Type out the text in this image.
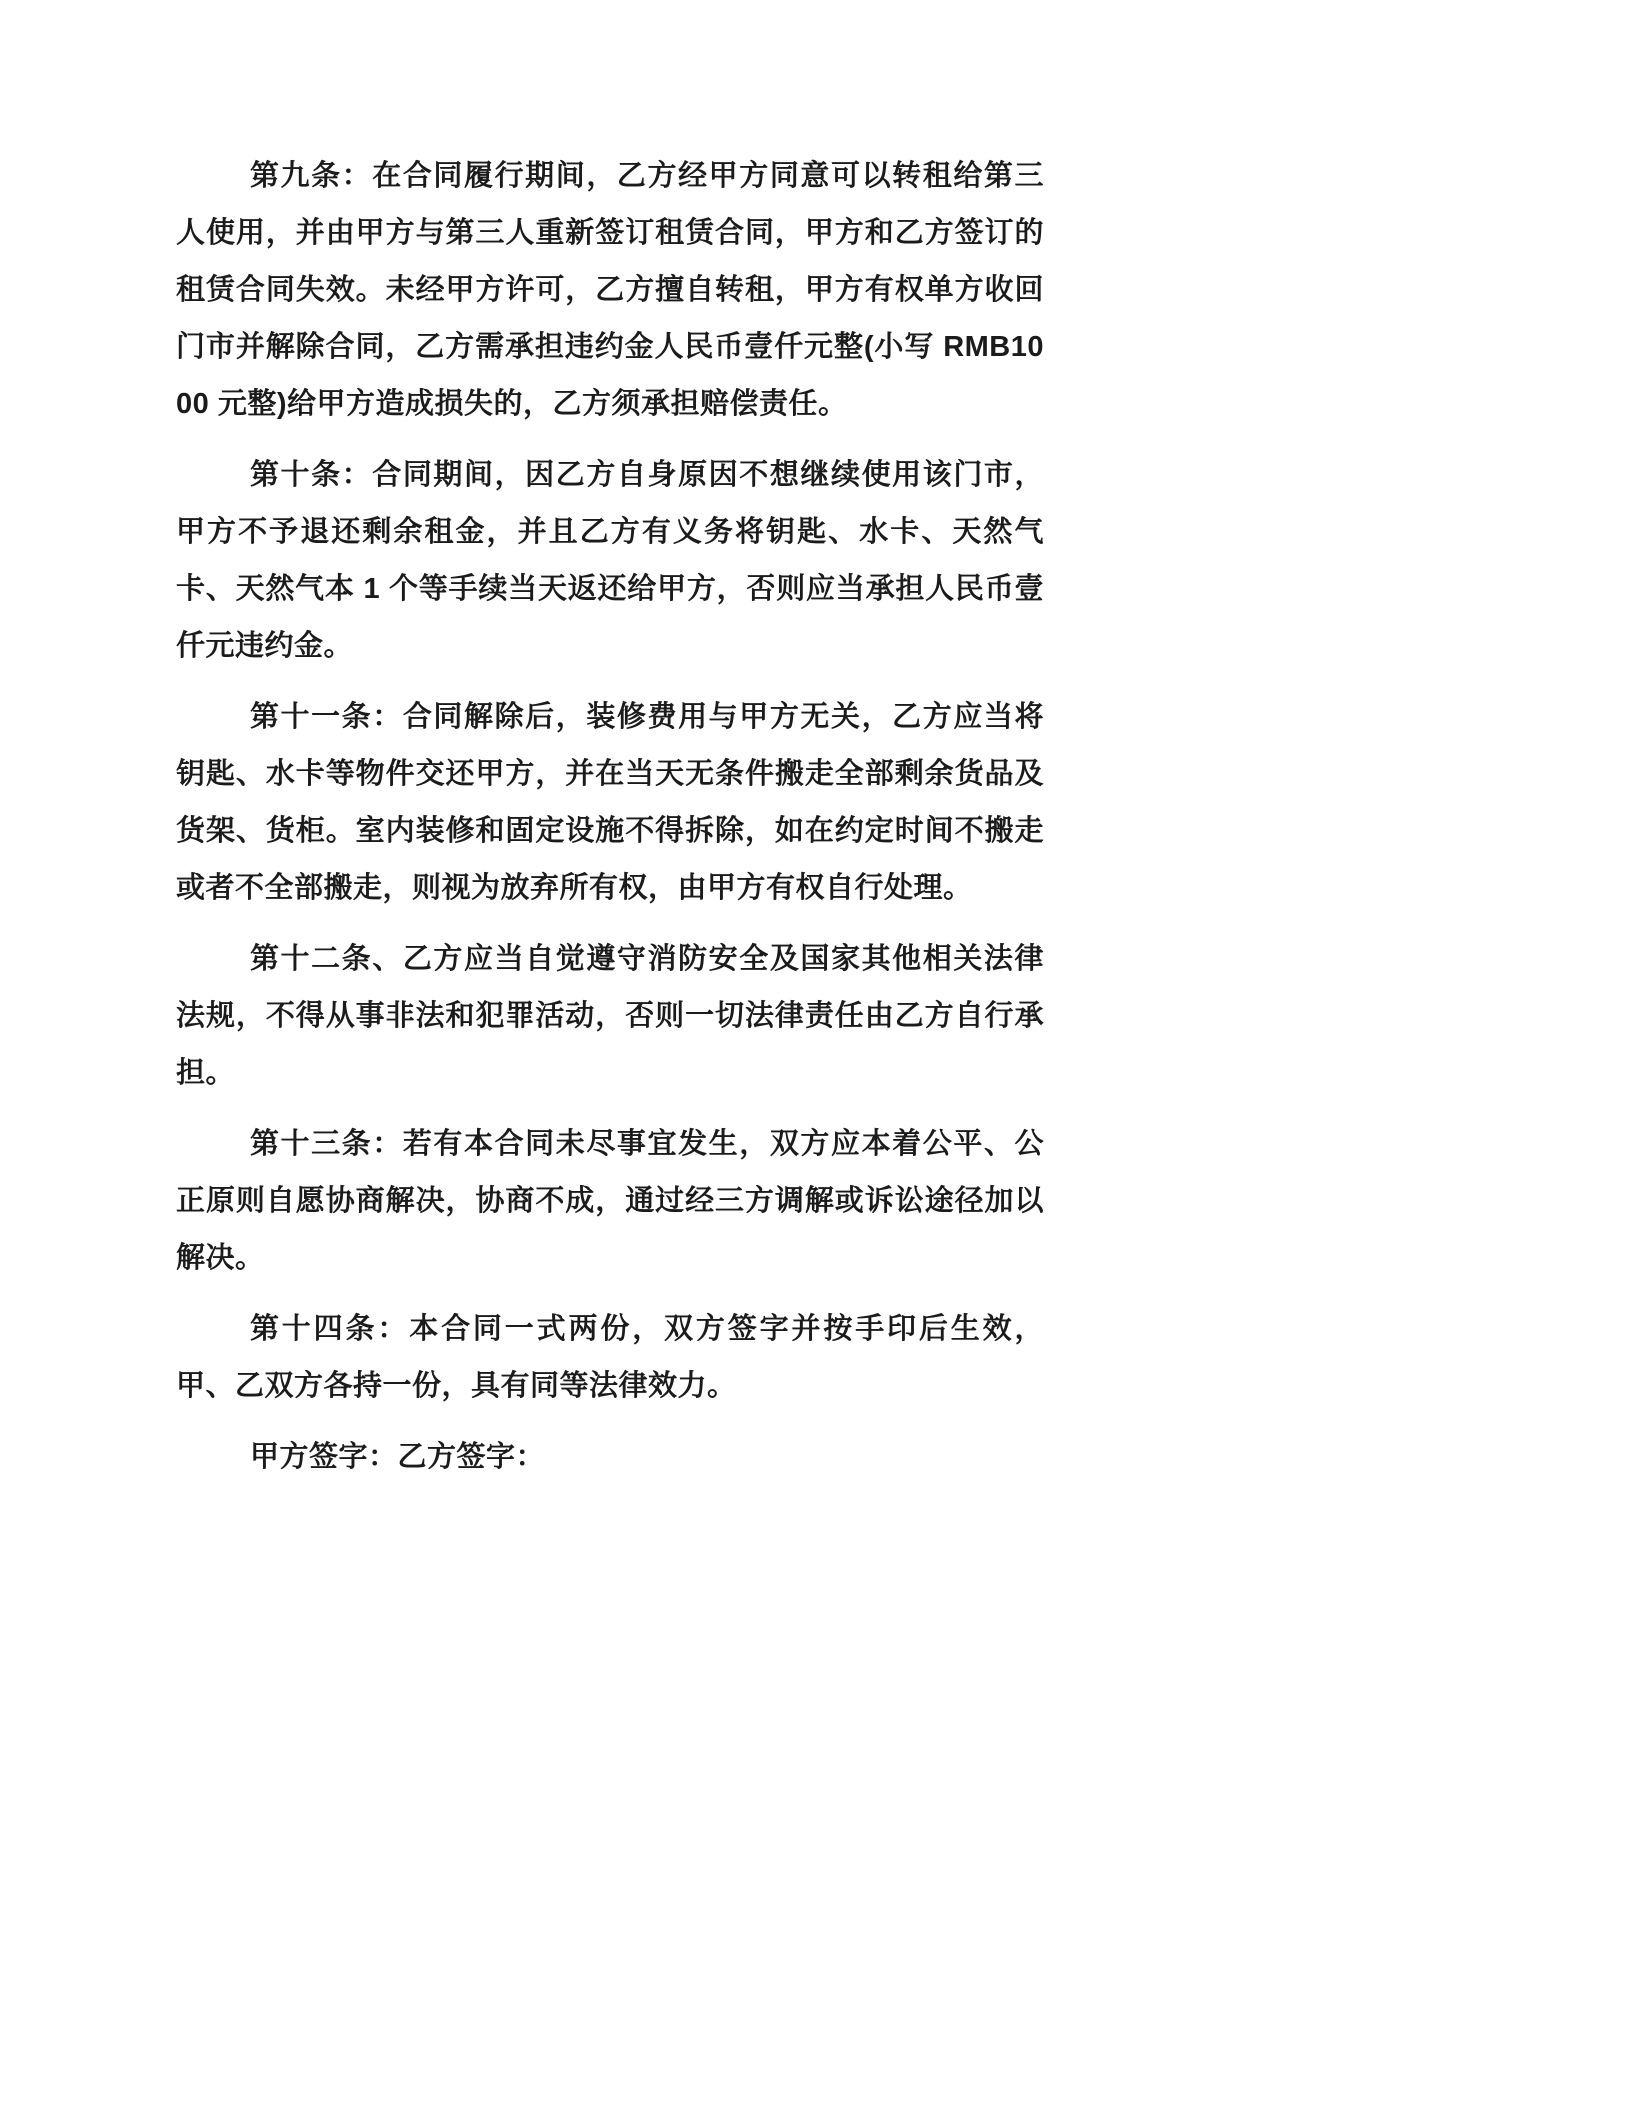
第九条：在合同履行期间，乙方经甲方同意可以转租给第三人使用，并由甲方与第三人重新签订租赁合同，甲方和乙方签订的租赁合同失效。未经甲方许可，乙方擅自转租，甲方有权单方收回门市并解除合同，乙方需承担违约金人民币壹仟元整(小写 RMB1000 元整)给甲方造成损失的，乙方须承担赔偿责任。

第十条：合同期间，因乙方自身原因不想继续使用该门市，甲方不予退还剩余租金，并且乙方有义务将钥匙、水卡、天然气卡、天然气本 1 个等手续当天返还给甲方，否则应当承担人民币壹仟元违约金。

第十一条：合同解除后，装修费用与甲方无关，乙方应当将钥匙、水卡等物件交还甲方，并在当天无条件搬走全部剩余货品及货架、货柜。室内装修和固定设施不得拆除，如在约定时间不搬走或者不全部搬走，则视为放弃所有权，由甲方有权自行处理。

第十二条、乙方应当自觉遵守消防安全及国家其他相关法律法规，不得从事非法和犯罪活动，否则一切法律责任由乙方自行承担。

第十三条：若有本合同未尽事宜发生，双方应本着公平、公正原则自愿协商解决，协商不成，通过经三方调解或诉讼途径加以解决。

第十四条：本合同一式两份，双方签字并按手印后生效，甲、乙双方各持一份，具有同等法律效力。

甲方签字：乙方签字：
